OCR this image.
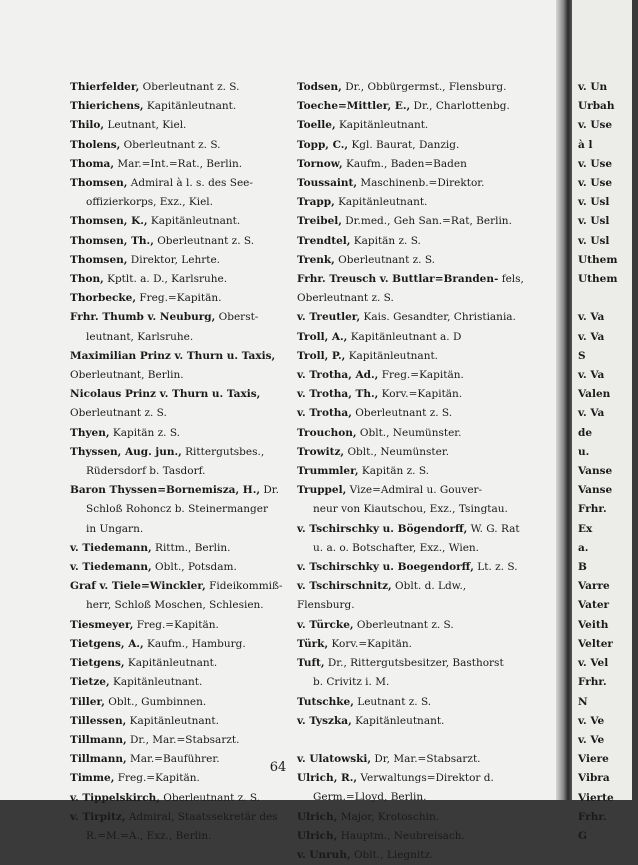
Thierfelder, Oberleutnant z. S.
Thierichens, Kapitänleutnant.
Thilo, Leutnant, Kiel.
Tholens, Oberleutnant z. S.
Thoma, Mar.=Int.=Rat., Berlin.
Thomsen, Admiral à l. s. des See-
offizierkorps, Exz., Kiel.
Thomsen, K., Kapitänleutnant.
Thomsen, Th., Oberleutnant z. S.
Thomsen, Direktor, Lehrte.
Thon, Kptlt. a. D., Karlsruhe.
Thorbecke, Freg.=Kapitän.
Frhr. Thumb v. Neuburg, Oberst-
leutnant, Karlsruhe.
Maximilian Prinz v. Thurn u. Taxis, Oberleutnant, Berlin.
Nicolaus Prinz v. Thurn u. Taxis, Oberleutnant z. S.
Thyen, Kapitän z. S.
Thyssen, Aug. jun., Rittergutsbes.,
Rüdersdorf b. Tasdorf.
Baron Thyssen=Bornemisza, H., Dr.
Schloß Rohoncz b. Steinermanger
in Ungarn.
v. Tiedemann, Rittm., Berlin.
v. Tiedemann, Oblt., Potsdam.
Graf v. Tiele=Winckler, Fideikommiß-
herr, Schloß Moschen, Schlesien.
Tiesmeyer, Freg.=Kapitän.
Tietgens, A., Kaufm., Hamburg.
Tietgens, Kapitänleutnant.
Tietze, Kapitänleutnant.
Tiller, Oblt., Gumbinnen.
Tillessen, Kapitänleutnant.
Tillmann, Dr., Mar.=Stabsarzt.
Tillmann, Mar.=Bauführer.
Timme, Freg.=Kapitän.
v. Tippelskirch, Oberleutnant z. S.
v. Tirpitz, Admiral, Staatssekretär des
R.=M.=A., Exz., Berlin.
Todsen, Dr., Obbürgermst., Flensburg.
Toeche=Mittler, E., Dr., Charlottenbg.
Toelle, Kapitänleutnant.
Topp, C., Kgl. Baurat, Danzig.
Tornow, Kaufm., Baden=Baden
Toussaint, Maschinenb.=Direktor.
Trapp, Kapitänleutnant.
Treibel, Dr.med., Geh San.=Rat, Berlin.
Trendtel, Kapitän z. S.
Trenk, Oberleutnant z. S.
Frhr. Treusch v. Buttlar=Branden- fels, Oberleutnant z. S.
v. Treutler, Kais. Gesandter, Christiania.
Troll, A., Kapitänleutnant a. D
Troll, P., Kapitänleutnant.
v. Trotha, Ad., Freg.=Kapitän.
v. Trotha, Th., Korv.=Kapitän.
v. Trotha, Oberleutnant z. S.
Trouchon, Oblt., Neumünster.
Trowitz, Oblt., Neumünster.
Trummler, Kapitän z. S.
Truppel, Vize=Admiral u. Gouver-
neur von Kiautschou, Exz., Tsingtau.
v. Tschirschky u. Bögendorff, W. G. Rat
u. a. o. Botschafter, Exz., Wien.
v. Tschirschky u. Boegendorff, Lt. z. S.
v. Tschirschnitz, Oblt. d. Ldw., Flensburg.
v. Türcke, Oberleutnant z. S.
Türk, Korv.=Kapitän.
Tuft, Dr., Rittergutsbesitzer, Basthorst
b. Crivitz i. M.
Tutschke, Leutnant z. S.
v. Tyszka, Kapitänleutnant.
v. Ulatowski, Dr, Mar.=Stabsarzt.
Ulrich, R., Verwaltungs=Direktor d.
Germ.=Lloyd, Berlin.
Ulrich, Major, Krotoschin.
Ulrich, Hauptm., Neubreisach.
v. Unruh, Oblt., Liegnitz.
64
v. Un
Urbah
v. Use
à l
v. Use
v. Use
v. Usl
v. Usl
v. Usl
Uthem
Uthem

v. Va
v. Va
S
v. Va
Valen
v. Va
de
u.
Vanse
Vanse
Frhr.
Ex
a.
B
Varre
Vater
Veith
Velter
v. Vel
Frhr.
N
v. Ve
v. Ve
Viere
Vibra
Vierte
Frhr.
G
